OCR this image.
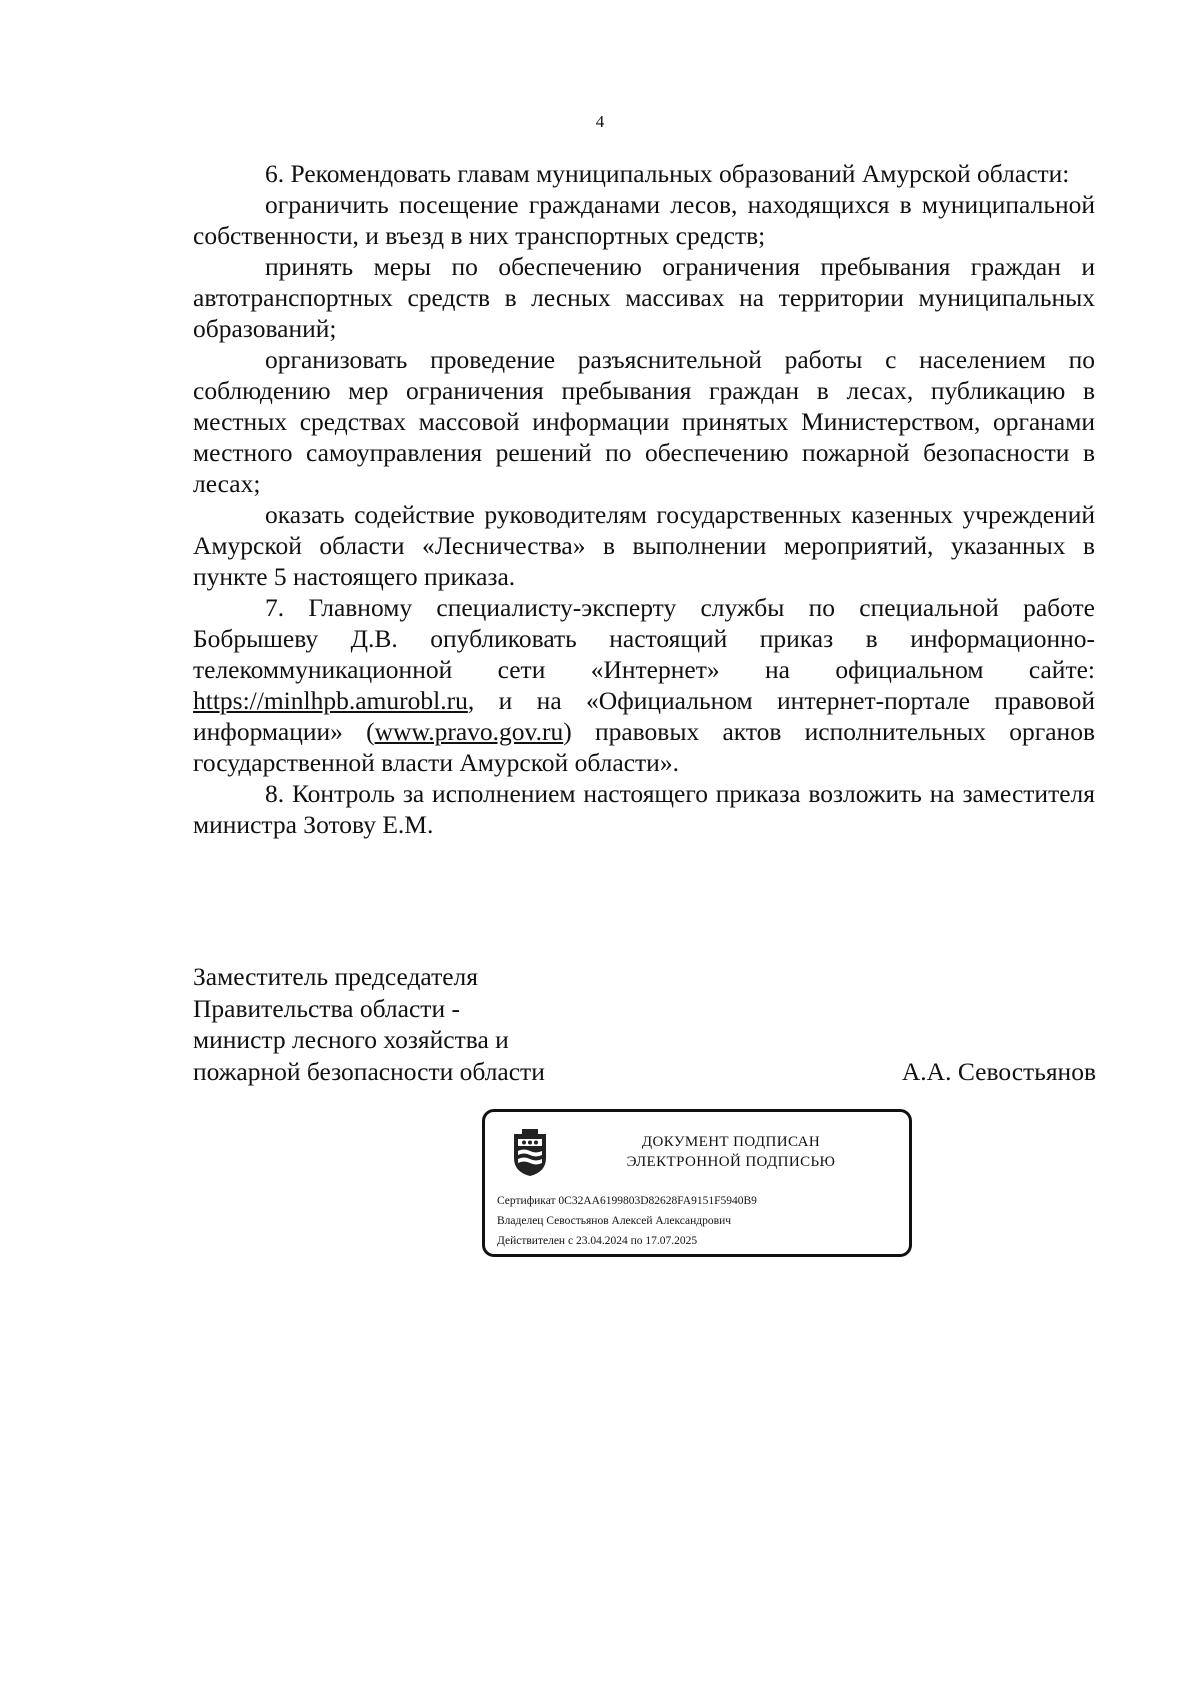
4

6. Рекомендовать главам муниципальных образований Амурской области:

ограничить посещение гражданами лесов, находящихся в муниципальной собственности, и въезд в них транспортных средств;

принять меры по обеспечению ограничения пребывания граждан и автотранспортных средств в лесных массивах на территории муниципальных образований;

организовать проведение разъяснительной работы с населением по соблюдению мер ограничения пребывания граждан в лесах, публикацию в местных средствах массовой информации принятых Министерством, органами местного самоуправления решений по обеспечению пожарной безопасности в лесах;

оказать содействие руководителям государственных казенных учреждений Амурской области «Лесничества» в выполнении мероприятий, указанных в пункте 5 настоящего приказа.

7. Главному специалисту-эксперту службы по специальной работе Бобрышеву Д.В. опубликовать настоящий приказ в информационно-телекоммуникационной сети «Интернет» на официальном сайте: https://minlhpb.amurobl.ru, и на «Официальном интернет-портале правовой информации» (www.pravo.gov.ru) правовых актов исполнительных органов государственной власти Амурской области».

8. Контроль за исполнением настоящего приказа возложить на заместителя министра Зотову Е.М.

Заместитель председателя
Правительства области -
министр лесного хозяйства и
пожарной безопасности области	А.А. Севостьянов
ДОКУМЕНТ ПОДПИСАН
ЭЛЕКТРОННОЙ ПОДПИСЬЮ
Сертификат 0C32AA6199803D82628FA9151F5940B9
Владелец Севостьянов Алексей Александрович
Действителен с 23.04.2024 по 17.07.2025
